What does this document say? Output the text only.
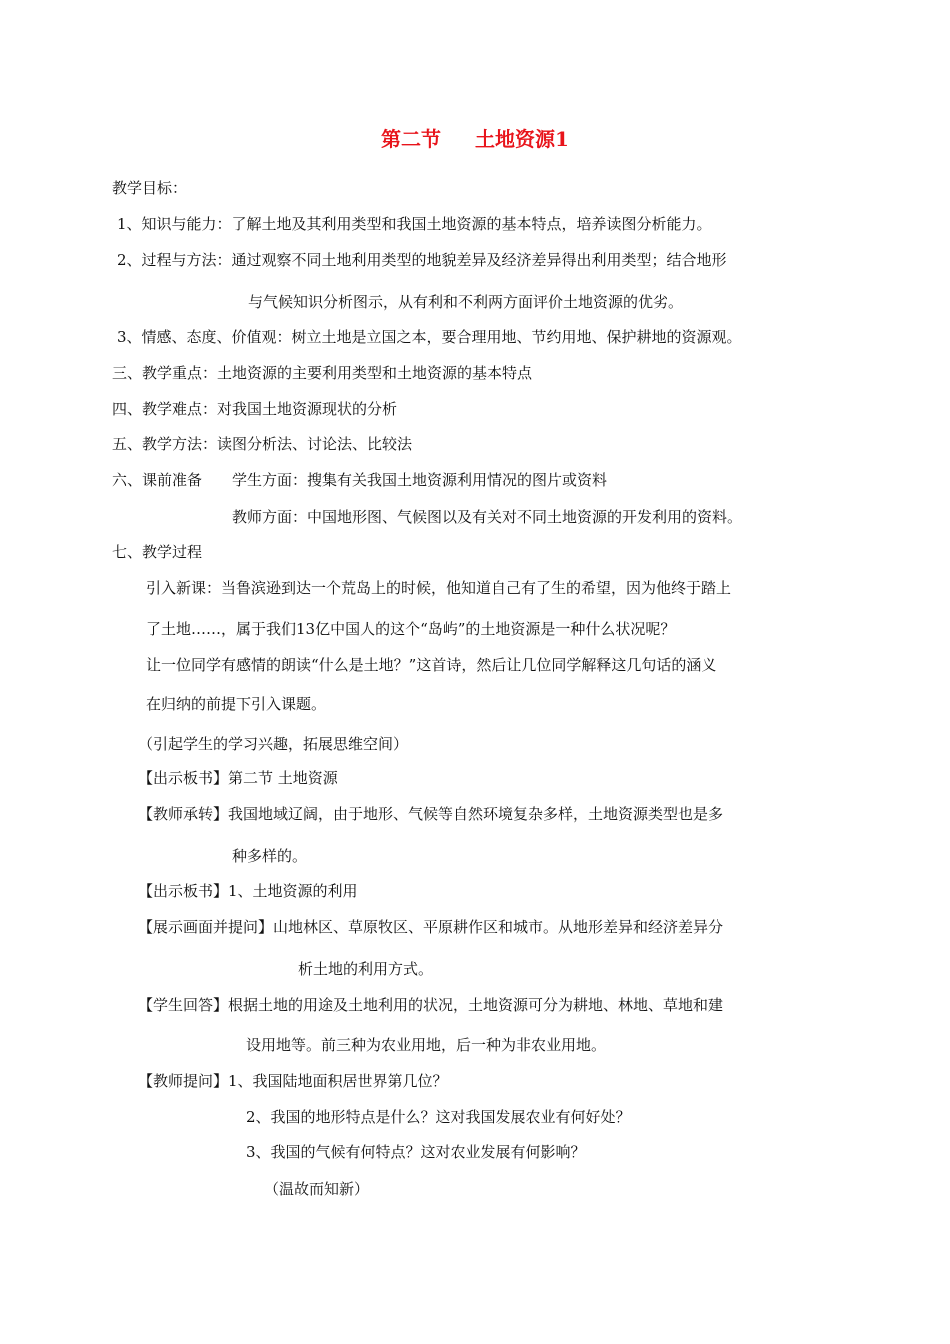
第二节 土地资源1
教学目标：
1、知识与能力：了解土地及其利用类型和我国土地资源的基本特点，培养读图分析能力。
2、过程与方法：通过观察不同土地利用类型的地貌差异及经济差异得出利用类型；结合地形
与气候知识分析图示，从有利和不利两方面评价土地资源的优劣。
3、情感、态度、价值观：树立土地是立国之本，要合理用地、节约用地、保护耕地的资源观。
三、教学重点：土地资源的主要利用类型和土地资源的基本特点
四、教学难点：对我国土地资源现状的分析
五、教学方法：读图分析法、讨论法、比较法
六、课前准备 学生方面：搜集有关我国土地资源利用情况的图片或资料
教师方面：中国地形图、气候图以及有关对不同土地资源的开发利用的资料。
七、教学过程
引入新课：当鲁滨逊到达一个荒岛上的时候，他知道自己有了生的希望，因为他终于踏上
了土地……，属于我们13亿中国人的这个“岛屿”的土地资源是一种什么状况呢？
让一位同学有感情的朗读“什么是土地？”这首诗，然后让几位同学解释这几句话的涵义
在归纳的前提下引入课题。
（引起学生的学习兴趣，拓展思维空间）
【出示板书】第二节 土地资源
【教师承转】我国地域辽阔，由于地形、气候等自然环境复杂多样，土地资源类型也是多
种多样的。
【出示板书】1、土地资源的利用
【展示画面并提问】山地林区、草原牧区、平原耕作区和城市。从地形差异和经济差异分
析土地的利用方式。
【学生回答】根据土地的用途及土地利用的状况，土地资源可分为耕地、林地、草地和建
设用地等。前三种为农业用地，后一种为非农业用地。
【教师提问】1、我国陆地面积居世界第几位？
2、我国的地形特点是什么？这对我国发展农业有何好处？
3、我国的气候有何特点？这对农业发展有何影响？
（温故而知新）
